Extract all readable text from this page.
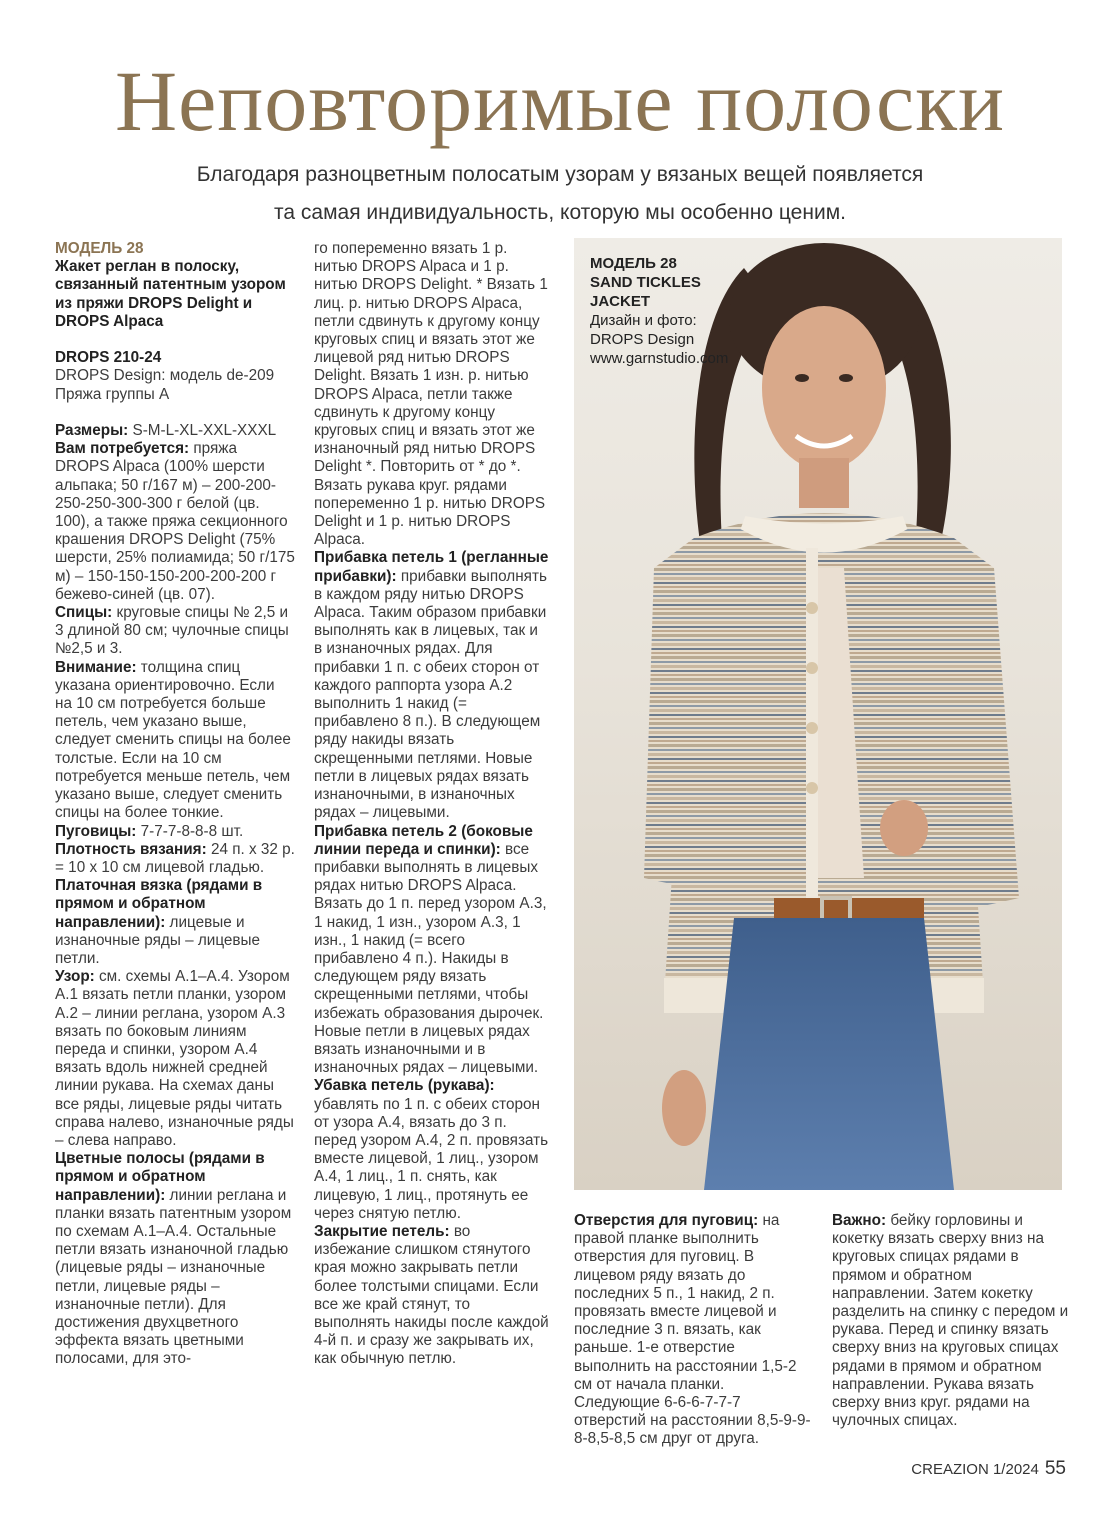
Неповторимые полоски
Благодаря разноцветным полосатым узорам у вязаных вещей появляется
та самая индивидуальность, которую мы особенно ценим.
МОДЕЛЬ 28
Жакет реглан в полоску, связанный патентным узором из пряжи DROPS Delight и DROPS Alpaca

DROPS 210-24
DROPS Design: модель de-209
Пряжа группы А

Размеры: S-M-L-XL-XXL-XXXL
Вам потребуется: пряжа DROPS Alpaca (100% шерсти альпака; 50 г/167 м) – 200-200-250-250-300-300 г белой (цв. 100), а также пряжа секционного крашения DROPS Delight (75% шерсти, 25% полиамида; 50 г/175 м) – 150-150-150-200-200-200 г бежево-синей (цв. 07).
Спицы: круговые спицы № 2,5 и 3 длиной 80 см; чулочные спицы №2,5 и 3.
Внимание: толщина спиц указана ориентировочно. Если на 10 см потребуется больше петель, чем указано выше, следует сменить спицы на более толстые. Если на 10 см потребуется меньше петель, чем указано выше, следует сменить спицы на более тонкие.
Пуговицы: 7-7-7-8-8-8 шт.
Плотность вязания: 24 п. x 32 р. = 10 x 10 см лицевой гладью.
Платочная вязка (рядами в прямом и обратном направлении): лицевые и изнаночные ряды – лицевые петли.
Узор: см. схемы А.1–А.4. Узором А.1 вязать петли планки, узором А.2 – линии реглана, узором А.3 вязать по боковым линиям переда и спинки, узором А.4 вязать вдоль нижней средней линии рукава. На схемах даны все ряды, лицевые ряды читать справа налево, изнаночные ряды – слева направо.
Цветные полосы (рядами в прямом и обратном направлении): линии реглана и планки вязать патентным узором по схемам А.1–А.4. Остальные петли вязать изнаночной гладью (лицевые ряды – изнаночные петли, лицевые ряды – изнаночные петли). Для достижения двухцветного эффекта вязать цветными полосами, для это-
го попеременно вязать 1 р. нитью DROPS Alpaca и 1 р. нитью DROPS Delight. * Вязать 1 лиц. р. нитью DROPS Alpaca, петли сдвинуть к другому концу круговых спиц и вязать этот же лицевой ряд нитью DROPS Delight. Вязать 1 изн. р. нитью DROPS Alpaca, петли также сдвинуть к другому концу круговых спиц и вязать этот же изнаночный ряд нитью DROPS Delight *. Повторить от * до *. Вязать рукава круг. рядами попеременно 1 р. нитью DROPS Delight и 1 р. нитью DROPS Alpaca.
Прибавка петель 1 (регланные прибавки): прибавки выполнять в каждом ряду нитью DROPS Alpaca. Таким образом прибавки выполнять как в лицевых, так и в изнаночных рядах. Для прибавки 1 п. с обеих сторон от каждого раппорта узора А.2 выполнить 1 накид (= прибавлено 8 п.). В следующем ряду накиды вязать скрещенными петлями. Новые петли в лицевых рядах вязать изнаночными, в изнаночных рядах – лицевыми.
Прибавка петель 2 (боковые линии переда и спинки): все прибавки выполнять в лицевых рядах нитью DROPS Alpaca. Вязать до 1 п. перед узором А.3, 1 накид, 1 изн., узором А.3, 1 изн., 1 накид (= всего прибавлено 4 п.). Накиды в следующем ряду вязать скрещенными петлями, чтобы избежать образования дырочек. Новые петли в лицевых рядах вязать изнаночными и в изнаночных рядах – лицевыми.
Убавка петель (рукава): убавлять по 1 п. с обеих сторон от узора А.4, вязать до 3 п. перед узором А.4, 2 п. провязать вместе лицевой, 1 лиц., узором А.4, 1 лиц., 1 п. снять, как лицевую, 1 лиц., протянуть ее через снятую петлю.
Закрытие петель: во избежание слишком стянутого края можно закрывать петли более толстыми спицами. Если все же край стянут, то выполнять накиды после каждой 4-й п. и сразу же закрывать их, как обычную петлю.
МОДЕЛЬ 28
SAND TICKLES
JACKET
Дизайн и фото:
DROPS Design
www.garnstudio.com
Отверстия для пуговиц: на правой планке выполнить отверстия для пуговиц. В лицевом ряду вязать до последних 5 п., 1 накид, 2 п. провязать вместе лицевой и последние 3 п. вязать, как раньше. 1-е отверстие выполнить на расстоянии 1,5-2 см от начала планки. Следующие 6-6-6-7-7-7 отверстий на расстоянии 8,5-9-9-8-8,5-8,5 см друг от друга.
Важно: бейку горловины и кокетку вязать сверху вниз на круговых спицах рядами в прямом и обратном направлении. Затем кокетку разделить на спинку с передом и рукава. Перед и спинку вязать сверху вниз на круговых спицах рядами в прямом и обратном направлении. Рукава вязать сверху вниз круг. рядами на чулочных спицах.
CREAZION 1/2024 55
